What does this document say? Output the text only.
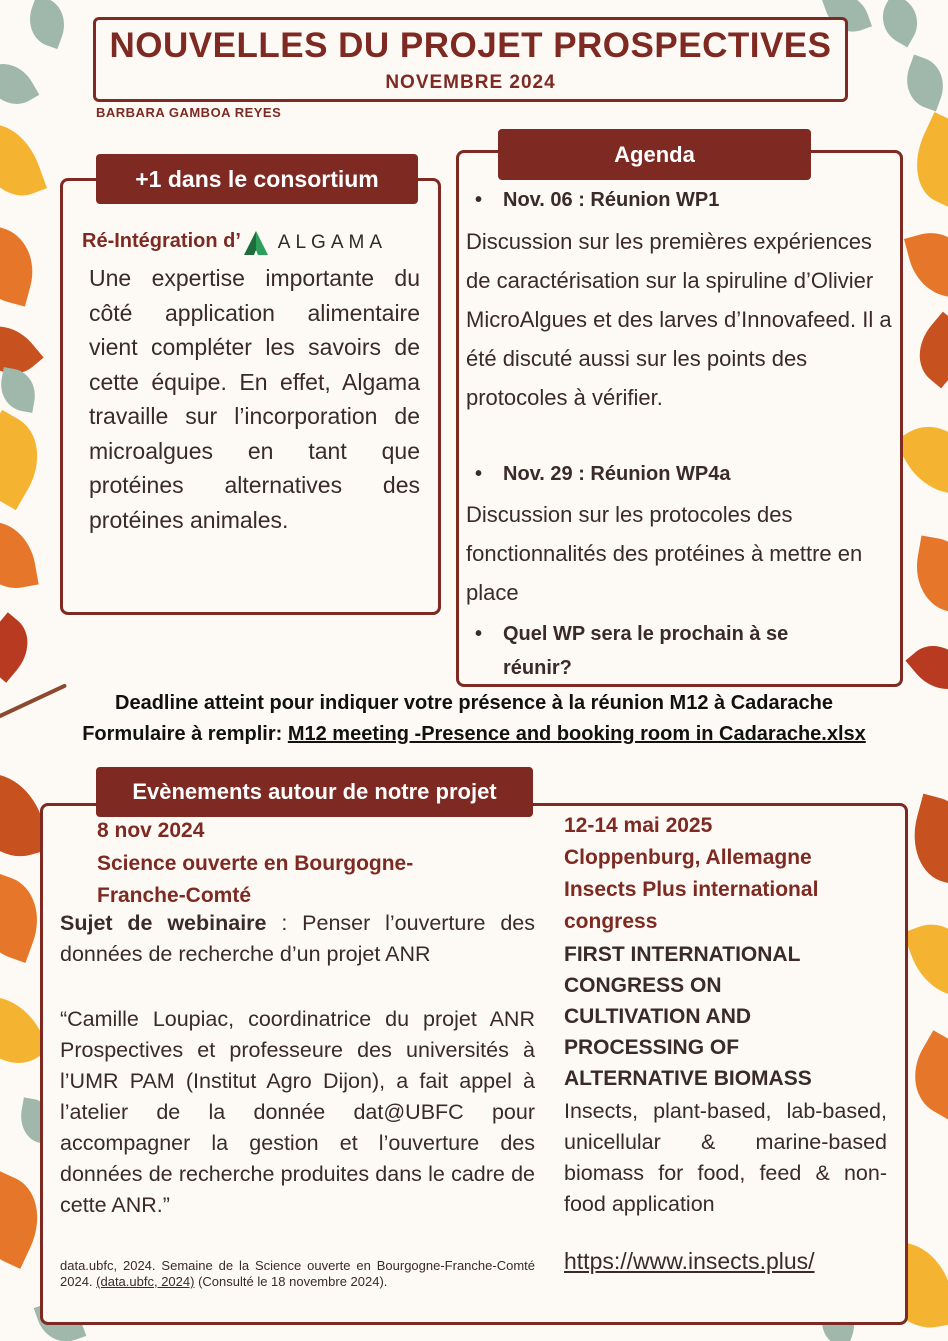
NOUVELLES DU PROJET PROSPECTIVES
NOVEMBRE 2024
BARBARA GAMBOA REYES
+1 dans le consortium
Ré-Intégration d’ ALGAMA
Une expertise importante du côté application alimentaire vient compléter les savoirs de cette équipe. En effet, Algama travaille sur l’incorporation de microalgues en tant que protéines alternatives des protéines animales.
Agenda
• Nov. 06 : Réunion WP1
Discussion sur les premières expériences de caractérisation sur la spiruline d’Olivier MicroAlgues et des larves d’Innovafeed. Il a été discuté aussi sur les points des protocoles à vérifier.
• Nov. 29 : Réunion WP4a
Discussion sur les protocoles des fonctionnalités des protéines à mettre en place
• Quel WP sera le prochain à se réunir?
Deadline atteint pour indiquer votre présence à la réunion M12 à Cadarache
Formulaire à remplir: M12 meeting -Presence and booking room in Cadarache.xlsx
Evènements autour de notre projet
8 nov 2024
Science ouverte en Bourgogne-Franche-Comté
Sujet de webinaire : Penser l’ouverture des données de recherche d’un projet ANR
“Camille Loupiac, coordinatrice du projet ANR Prospectives et professeure des universités à l’UMR PAM (Institut Agro Dijon), a fait appel à l’atelier de la donnée dat@UBFC pour accompagner la gestion et l’ouverture des données de recherche produites dans le cadre de cette ANR.”
data.ubfc, 2024. Semaine de la Science ouverte en Bourgogne-Franche-Comté 2024. (data.ubfc, 2024) (Consulté le 18 novembre 2024).
12-14 mai 2025
Cloppenburg, Allemagne
Insects Plus international congress
FIRST INTERNATIONAL CONGRESS ON CULTIVATION AND PROCESSING OF ALTERNATIVE BIOMASS
Insects, plant-based, lab-based, unicellular & marine-based biomass for food, feed & non-food application
https://www.insects.plus/
